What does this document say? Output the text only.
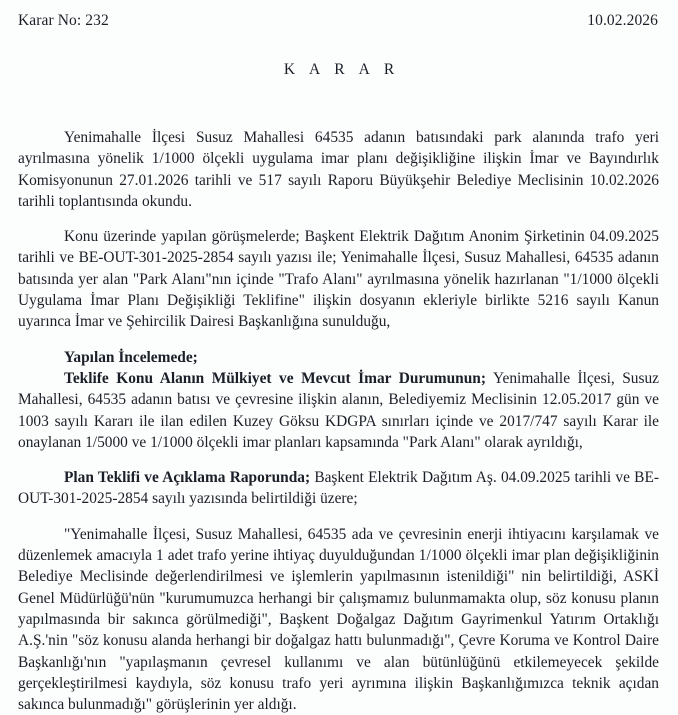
Karar No: 232	10.02.2026
K A R A R

Yenimahalle İlçesi Susuz Mahallesi 64535 adanın batısındaki park alanında trafo yeri ayrılmasına yönelik 1/1000 ölçekli uygulama imar planı değişikliğine ilişkin İmar ve Bayındırlık Komisyonunun 27.01.2026 tarihli ve 517 sayılı Raporu Büyükşehir Belediye Meclisinin 10.02.2026 tarihli toplantısında okundu.

Konu üzerinde yapılan görüşmelerde; Başkent Elektrik Dağıtım Anonim Şirketinin 04.09.2025 tarihli ve BE-OUT-301-2025-2854 sayılı yazısı ile; Yenimahalle İlçesi, Susuz Mahallesi, 64535 adanın batısında yer alan "Park Alanı"nın içinde "Trafo Alanı" ayrılmasına yönelik hazırlanan "1/1000 ölçekli Uygulama İmar Planı Değişikliği Teklifine" ilişkin dosyanın ekleriyle birlikte 5216 sayılı Kanun uyarınca İmar ve Şehircilik Dairesi Başkanlığına sunulduğu,

Yapılan İncelemede;

Teklife Konu Alanın Mülkiyet ve Mevcut İmar Durumunun; Yenimahalle İlçesi, Susuz Mahallesi, 64535 adanın batısı ve çevresine ilişkin alanın, Belediyemiz Meclisinin 12.05.2017 gün ve 1003 sayılı Kararı ile ilan edilen Kuzey Göksu KDGPA sınırları içinde ve 2017/747 sayılı Karar ile onaylanan 1/5000 ve 1/1000 ölçekli imar planları kapsamında "Park Alanı" olarak ayrıldığı,

Plan Teklifi ve Açıklama Raporunda; Başkent Elektrik Dağıtım Aş. 04.09.2025 tarihli ve BE-OUT-301-2025-2854 sayılı yazısında belirtildiği üzere;

"Yenimahalle İlçesi, Susuz Mahallesi, 64535 ada ve çevresinin enerji ihtiyacını karşılamak ve düzenlemek amacıyla 1 adet trafo yerine ihtiyaç duyulduğundan 1/1000 ölçekli imar plan değişikliğinin Belediye Meclisinde değerlendirilmesi ve işlemlerin yapılmasının istenildiği" nin belirtildiği, ASKİ Genel Müdürlüğü'nün "kurumumuzca herhangi bir çalışmamız bulunmamakta olup, söz konusu planın yapılmasında bir sakınca görülmediği", Başkent Doğalgaz Dağıtım Gayrimenkul Yatırım Ortaklığı A.Ş.'nin "söz konusu alanda herhangi bir doğalgaz hattı bulunmadığı", Çevre Koruma ve Kontrol Daire Başkanlığı'nın "yapılaşmanın çevresel kullanımı ve alan bütünlüğünü etkilemeyecek şekilde gerçekleştirilmesi kaydıyla, söz konusu trafo yeri ayrımına ilişkin Başkanlığımızca teknik açıdan sakınca bulunmadığı" görüşlerinin yer aldığı.
